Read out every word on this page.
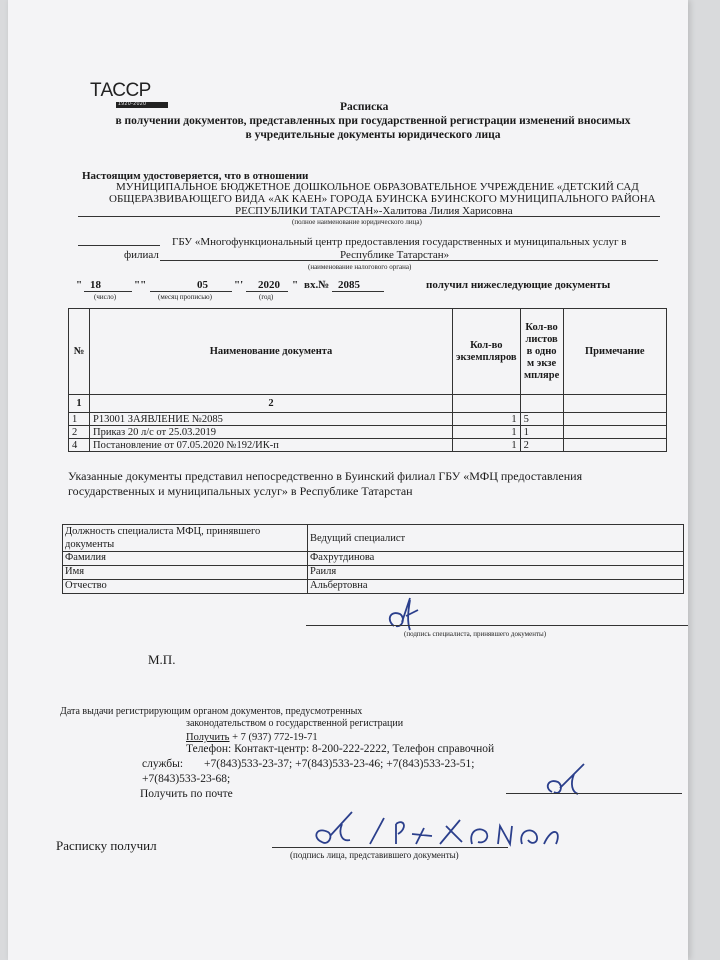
ТАССР
1920-2020	Расписка
в получении документов, представленных при государственной регистрации изменений вносимых
в учредительные документы юридического лица
Настоящим удостоверяется, что в отношении
МУНИЦИПАЛЬНОЕ БЮДЖЕТНОЕ ДОШКОЛЬНОЕ ОБРАЗОВАТЕЛЬНОЕ УЧРЕЖДЕНИЕ «ДЕТСКИЙ САД
ОБЩЕРАЗВИВАЮЩЕГО ВИДА «АК КАЕН» ГОРОДА БУИНСКА БУИНСКОГО МУНИЦИПАЛЬНОГО РАЙОНА
РЕСПУБЛИКИ ТАТАРСТАН»-Халитова Лилия Харисовна
(полное наименование юридического лица)
ГБУ «Многофункциональный центр предоставления государственных и муниципальных услуг в
филиал	Республике Татарстан»
(наименование налогового органа)
" 18	""	05 "' 2020 " вх.№ 2085	получил нижеследующие документы
(число)	(месяц прописью)	(год)
№	Наименование документа	Кол-во экземпляров	Кол-во листов в одном экземпляре	Примечание
1	2			
1	Р13001 ЗАЯВЛЕНИЕ №2085	1	5	
2	Приказ 20 л/с от 25.03.2019	1	1	
4	Постановление от 07.05.2020 №192/ИК-п	1	2	
Указанные документы представил непосредственно в Буинский филиал ГБУ «МФЦ предоставления
государственных и муниципальных услуг» в Республике Татарстан
Должность специалиста МФЦ, принявшего документы	Ведущий специалист
Фамилия	Фахрутдинова
Имя	Раиля
Отчество	Альбертовна
(подпись специалиста, принявшего документы)
М.П.
Дата выдачи регистрирующим органом документов, предусмотренных
законодательством о государственной регистрации
Получить + 7 (937) 772-19-71
Телефон: Контакт-центр: 8-200-222-2222, Телефон справочной
службы: +7(843)533-23-37; +7(843)533-23-46; +7(843)533-23-51;
+7(843)533-23-68;
Получить по почте
Расписку получил
(подпись лица, представившего документы)
